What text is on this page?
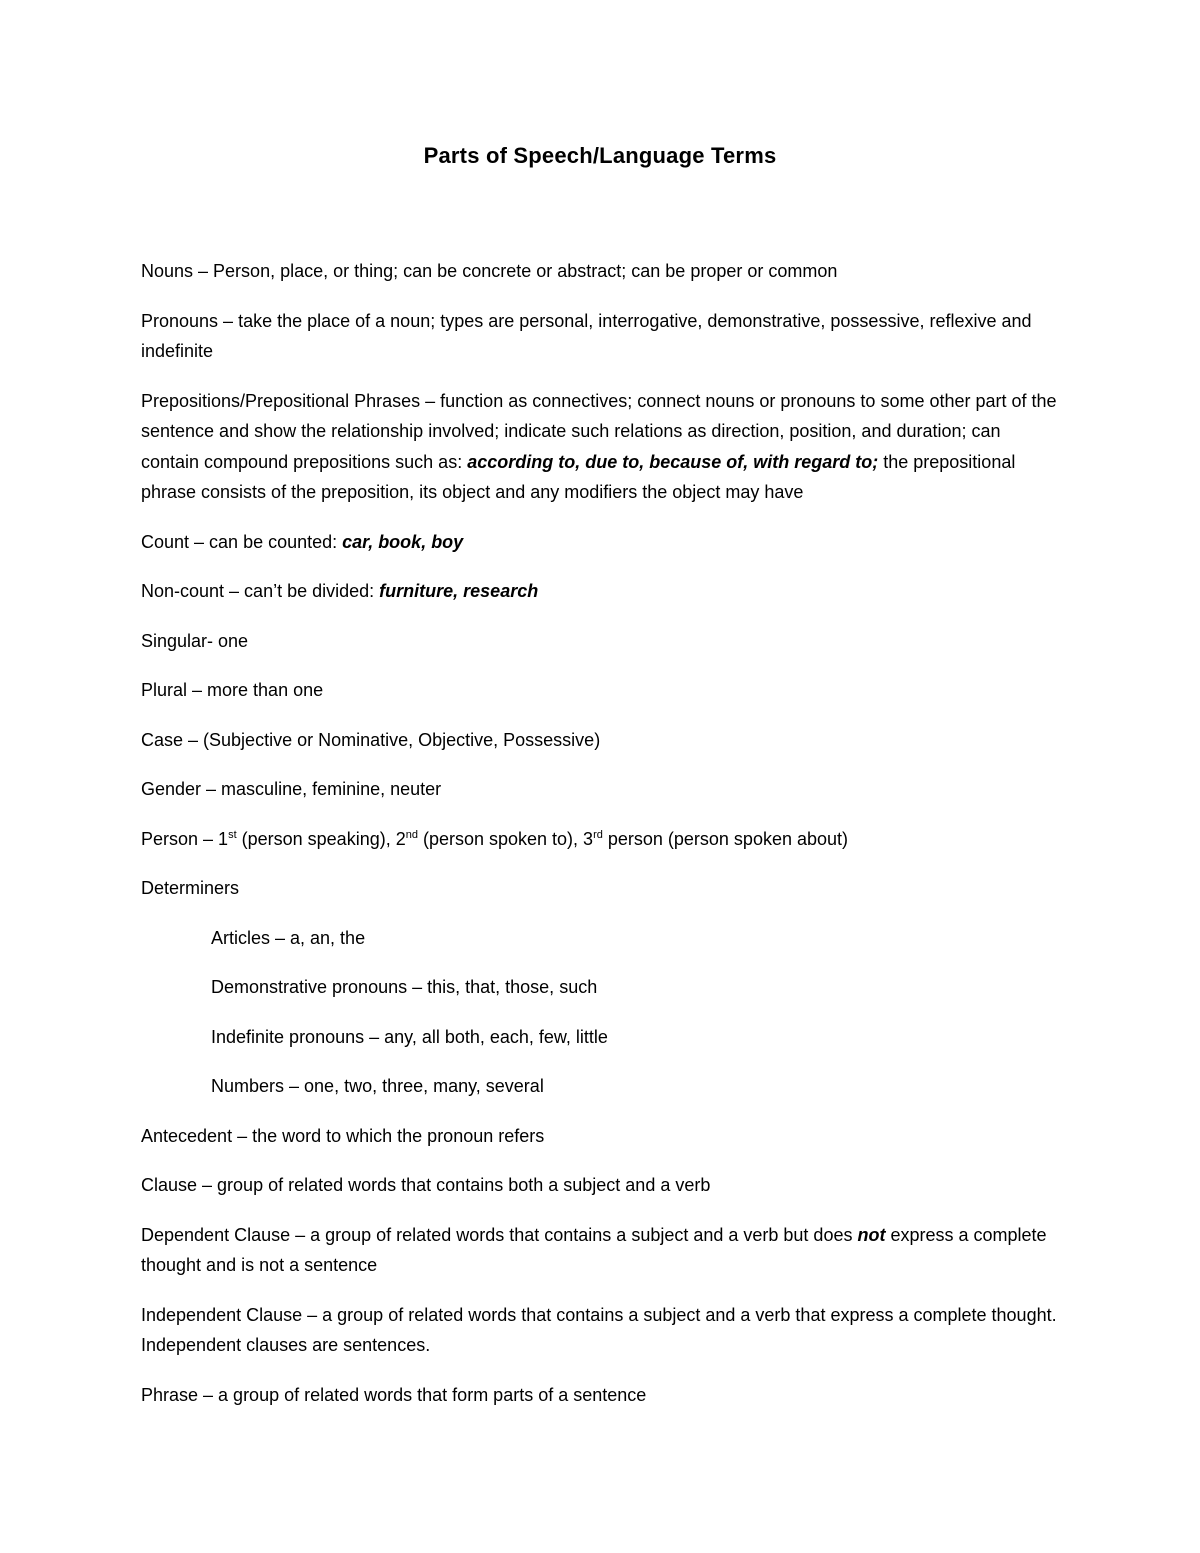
Parts of Speech/Language Terms

Nouns – Person, place, or thing; can be concrete or abstract; can be proper or common

Pronouns – take the place of a noun; types are personal, interrogative, demonstrative, possessive, reflexive and indefinite

Prepositions/Prepositional Phrases – function as connectives; connect nouns or pronouns to some other part of the sentence and show the relationship involved; indicate such relations as direction, position, and duration; can contain compound prepositions such as: according to, due to, because of, with regard to; the prepositional phrase consists of the preposition, its object and any modifiers the object may have

Count – can be counted: car, book, boy

Non-count – can’t be divided: furniture, research

Singular- one

Plural – more than one

Case – (Subjective or Nominative, Objective, Possessive)

Gender – masculine, feminine, neuter

Person – 1st (person speaking), 2nd (person spoken to), 3rd person (person spoken about)

Determiners

Articles – a, an, the

Demonstrative pronouns – this, that, those, such

Indefinite pronouns – any, all both, each, few, little

Numbers – one, two, three, many, several

Antecedent – the word to which the pronoun refers

Clause – group of related words that contains both a subject and a verb

Dependent Clause – a group of related words that contains a subject and a verb but does not express a complete thought and is not a sentence

Independent Clause – a group of related words that contains a subject and a verb that express a complete thought. Independent clauses are sentences.

Phrase – a group of related words that form parts of a sentence
